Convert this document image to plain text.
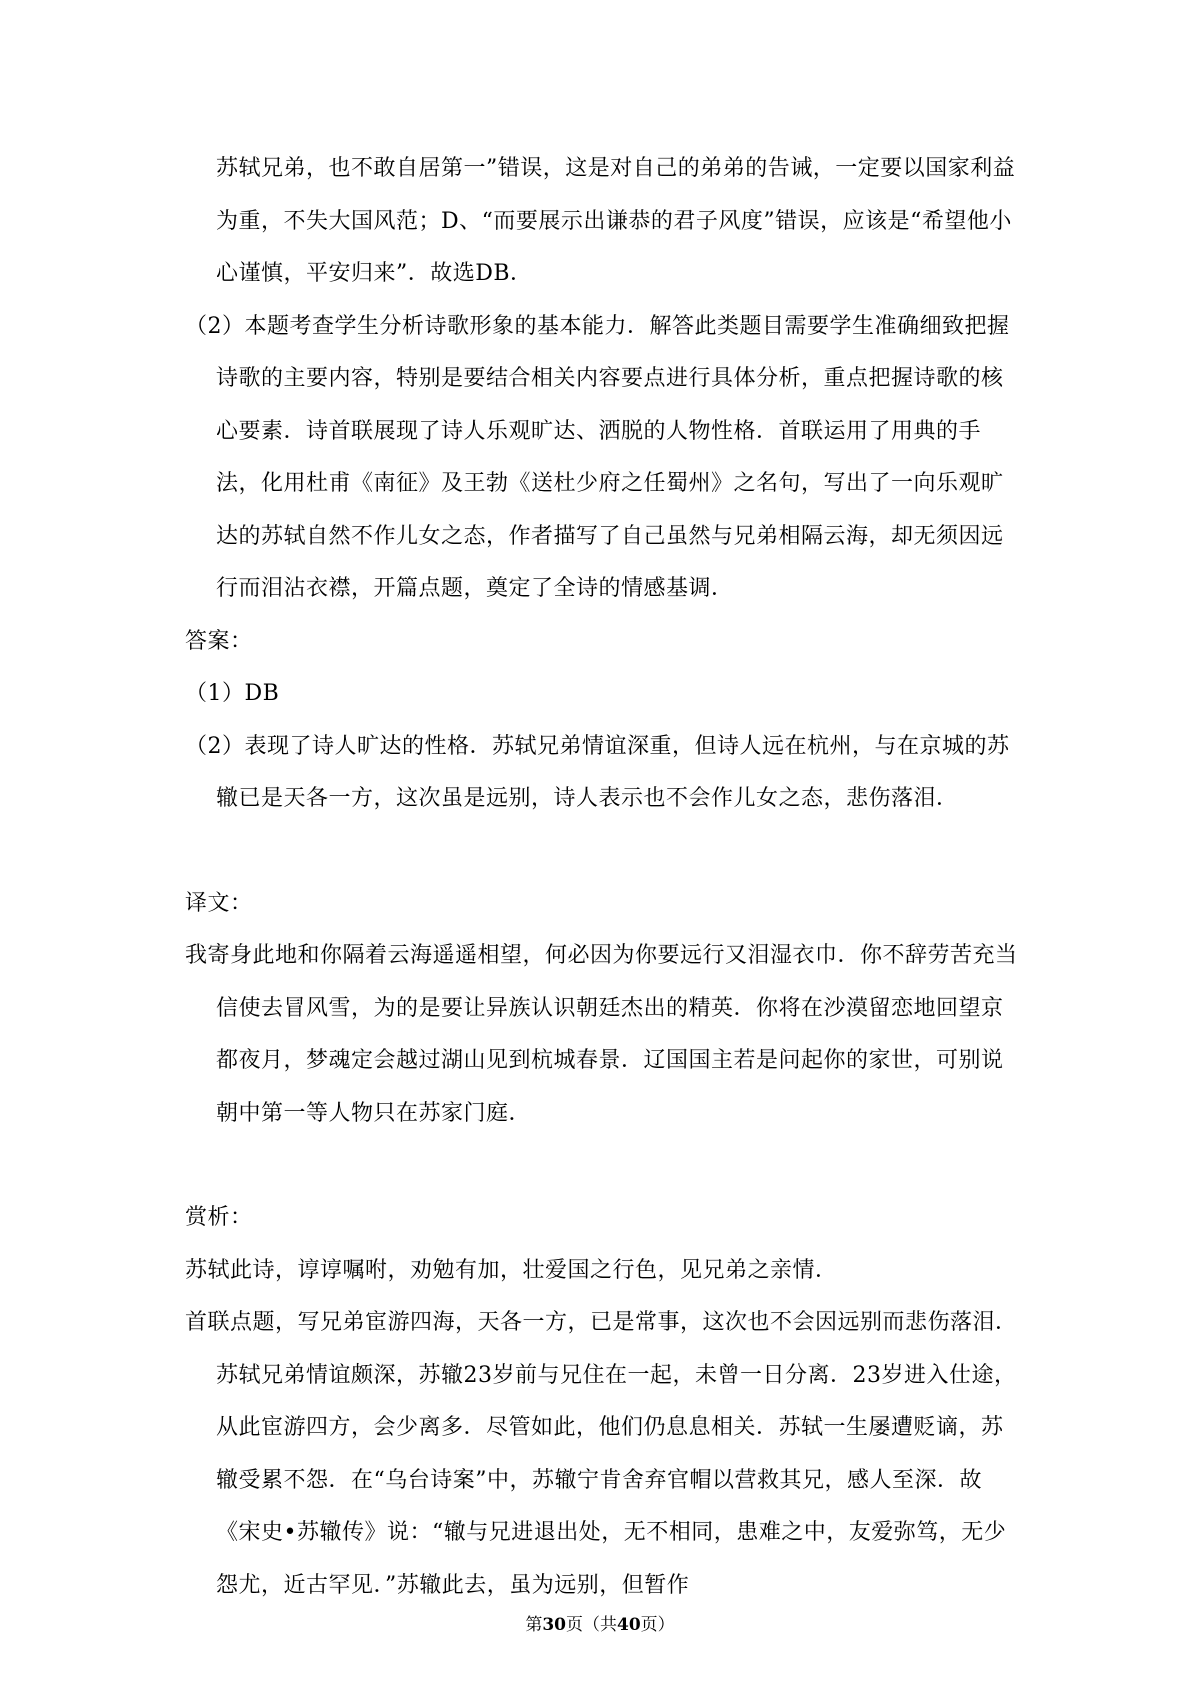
苏轼兄弟，也不敢自居第一”错误，这是对自己的弟弟的告诫，一定要以国家利益为重，不失大国风范；D、“而要展示出谦恭的君子风度”错误，应该是“希望他小心谨慎，平安归来”．故选DB．

（2）本题考查学生分析诗歌形象的基本能力．解答此类题目需要学生准确细致把握诗歌的主要内容，特别是要结合相关内容要点进行具体分析，重点把握诗歌的核心要素．诗首联展现了诗人乐观旷达、洒脱的人物性格．首联运用了用典的手法，化用杜甫《南征》及王勃《送杜少府之任蜀州》之名句，写出了一向乐观旷达的苏轼自然不作儿女之态，作者描写了自己虽然与兄弟相隔云海，却无须因远行而泪沾衣襟，开篇点题，奠定了全诗的情感基调．

答案：

（1）DB

（2）表现了诗人旷达的性格．苏轼兄弟情谊深重，但诗人远在杭州，与在京城的苏辙已是天各一方，这次虽是远别，诗人表示也不会作儿女之态，悲伤落泪．

译文：

我寄身此地和你隔着云海遥遥相望，何必因为你要远行又泪湿衣巾．你不辞劳苦充当信使去冒风雪，为的是要让异族认识朝廷杰出的精英．你将在沙漠留恋地回望京都夜月，梦魂定会越过湖山见到杭城春景．辽国国主若是问起你的家世，可别说朝中第一等人物只在苏家门庭．

赏析：

苏轼此诗，谆谆嘱咐，劝勉有加，壮爱国之行色，见兄弟之亲情．

首联点题，写兄弟宦游四海，天各一方，已是常事，这次也不会因远别而悲伤落泪．苏轼兄弟情谊颇深，苏辙23岁前与兄住在一起，未曾一日分离．23岁进入仕途，从此宦游四方，会少离多．尽管如此，他们仍息息相关．苏轼一生屡遭贬谪，苏辙受累不怨．在“乌台诗案”中，苏辙宁肯舍弃官帽以营救其兄，感人至深．故《宋史•苏辙传》说：“辙与兄进退出处，无不相同，患难之中，友爱弥笃，无少怨尤，近古罕见．”苏辙此去，虽为远别，但暂作

第30页（共40页）
